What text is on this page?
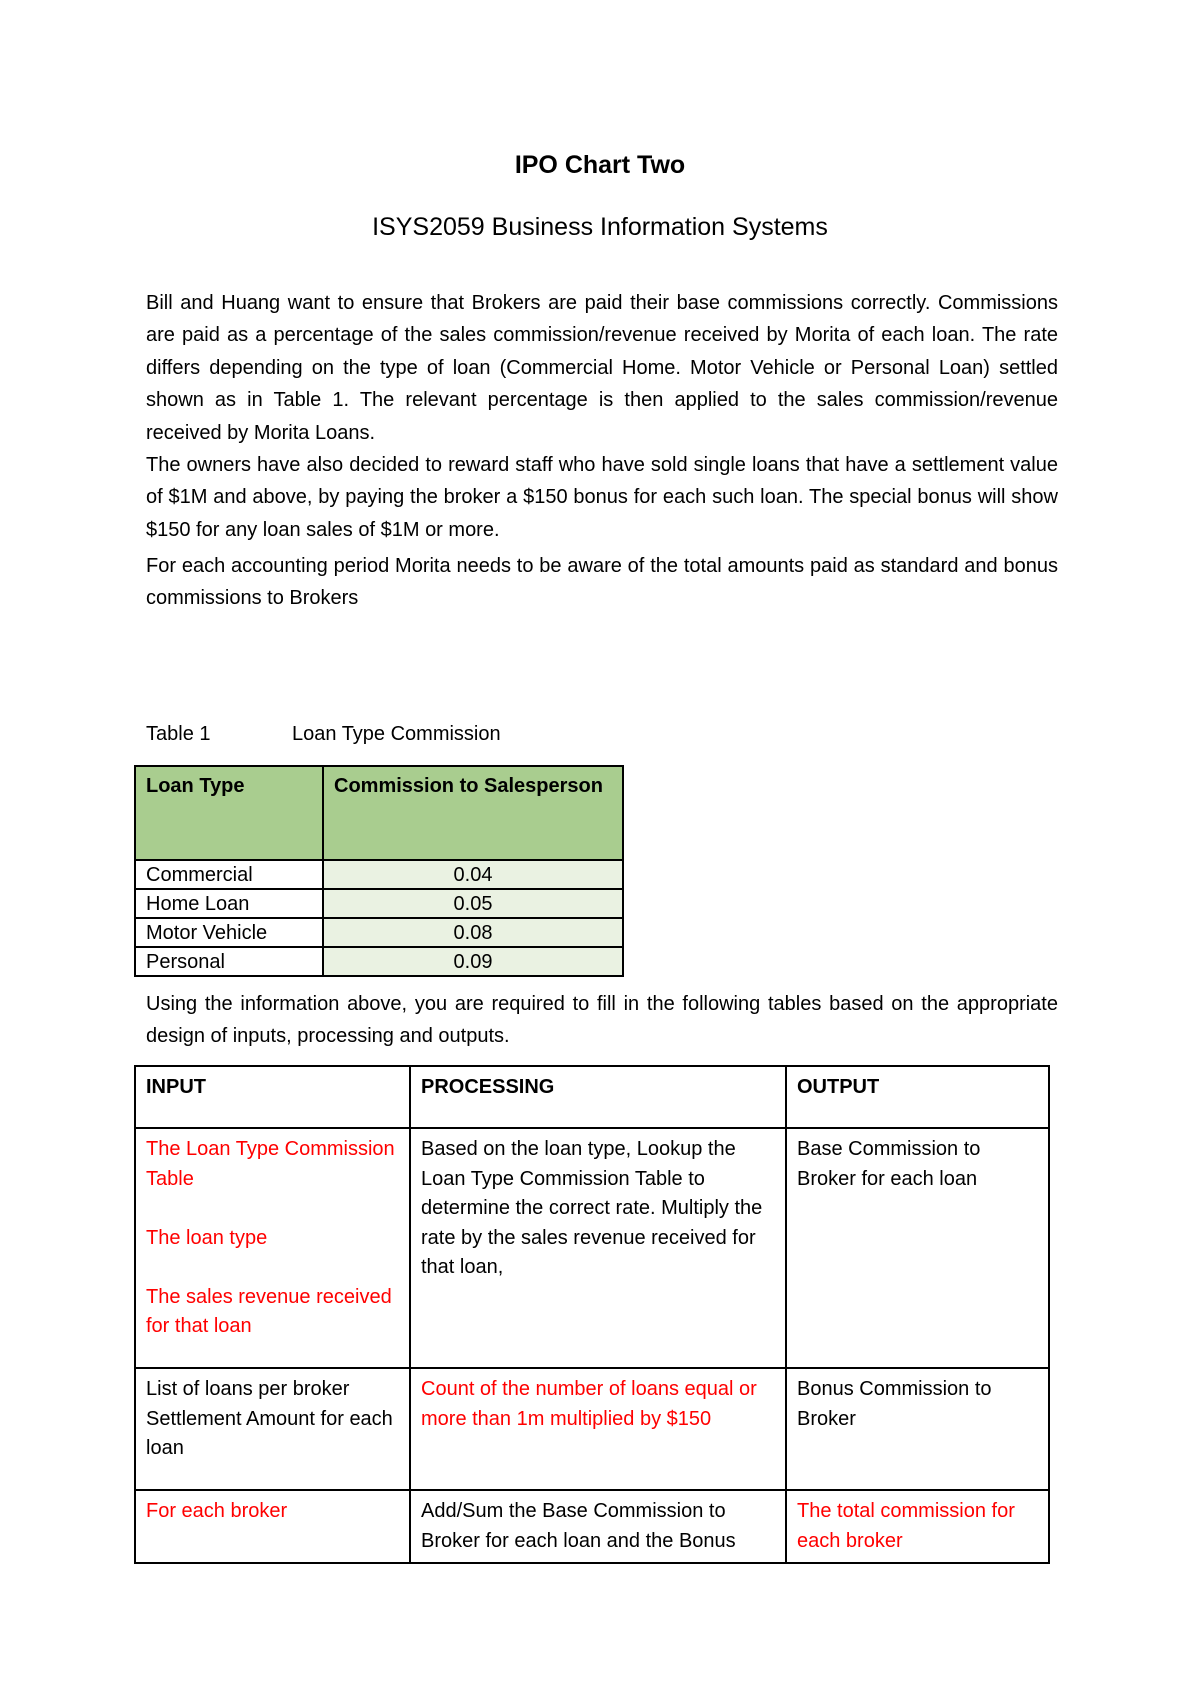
IPO Chart Two
ISYS2059 Business Information Systems

Bill and Huang want to ensure that Brokers are paid their base commissions correctly. Commissions are paid as a percentage of the sales commission/revenue received by Morita of each loan. The rate differs depending on the type of loan (Commercial Home. Motor Vehicle or Personal Loan) settled shown as in Table 1. The relevant percentage is then applied to the sales commission/revenue received by Morita Loans.

The owners have also decided to reward staff who have sold single loans that have a settlement value of $1M and above, by paying the broker a $150 bonus for each such loan. The special bonus will show $150 for any loan sales of $1M or more.

For each accounting period Morita needs to be aware of the total amounts paid as standard and bonus commissions to Brokers

Table 1	Loan Type Commission
Loan Type	Commission to Salesperson
Commercial	0.04
Home Loan	0.05
Motor Vehicle	0.08
Personal	0.09

Using the information above, you are required to fill in the following tables based on the appropriate design of inputs, processing and outputs.

INPUT	PROCESSING	OUTPUT

The Loan Type Commission Table
The loan type
The sales revenue received for that loan	Based on the loan type, Lookup the Loan Type Commission Table to determine the correct rate. Multiply the rate by the sales revenue received for that loan,	Base Commission to Broker for each loan
List of loans per broker Settlement Amount for each loan	Count of the number of loans equal or more than 1m multiplied by $150	Bonus Commission to Broker
For each broker	Add/Sum the Base Commission to Broker for each loan and the Bonus	The total commission for each broker
